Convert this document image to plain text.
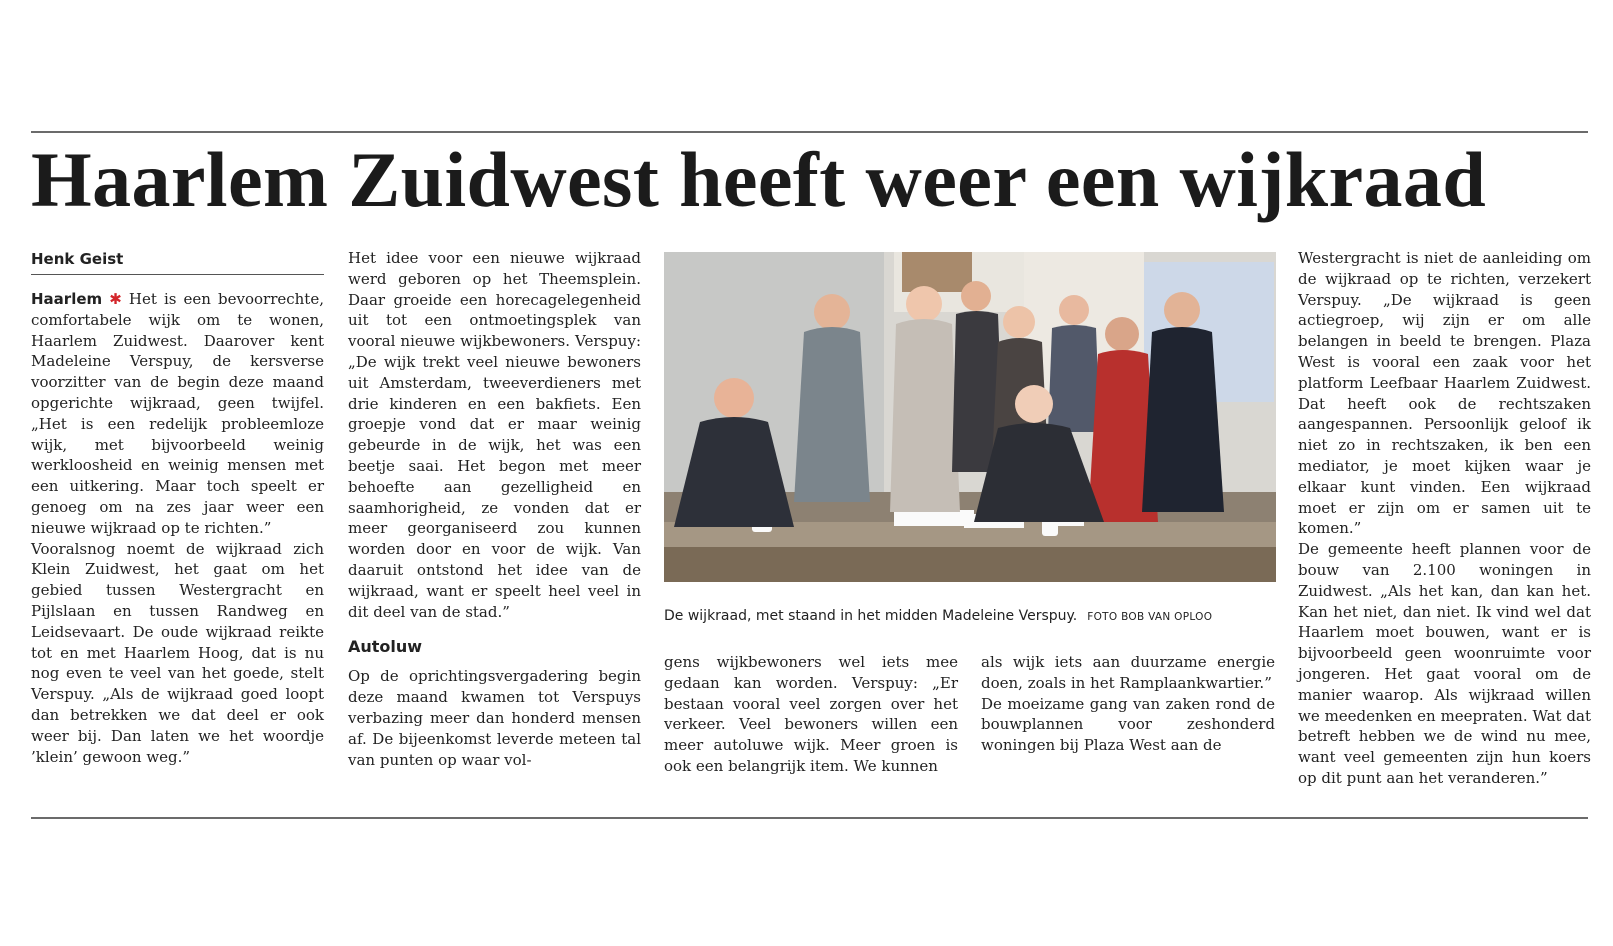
Haarlem Zuidwest heeft weer een wijkraad
Henk Geist

Haarlem ✱ Het is een bevoorrechte, comfortabele wijk om te wonen, Haarlem Zuidwest. Daarover kent Madeleine Verspuy, de kersverse voorzitter van de begin deze maand opgerichte wijkraad, geen twijfel. „Het is een redelijk probleemloze wijk, met bijvoorbeeld weinig werkloosheid en weinig mensen met een uitkering. Maar toch speelt er genoeg om na zes jaar weer een nieuwe wijkraad op te richten.”

Vooralsnog noemt de wijkraad zich Klein Zuidwest, het gaat om het gebied tussen Westergracht en Pijlslaan en tussen Randweg en Leidsevaart. De oude wijkraad reikte tot en met Haarlem Hoog, dat is nu nog even te veel van het goede, stelt Verspuy. „Als de wijkraad goed loopt dan betrekken we dat deel er ook weer bij. Dan laten we het woordje ’klein’ gewoon weg.”

Het idee voor een nieuwe wijkraad werd geboren op het Theemsplein. Daar groeide een horecagelegenheid uit tot een ontmoetingsplek van vooral nieuwe wijkbewoners. Verspuy: „De wijk trekt veel nieuwe bewoners uit Amsterdam, tweeverdieners met drie kinderen en een bakfiets. Een groepje vond dat er maar weinig gebeurde in de wijk, het was een beetje saai. Het begon met meer behoefte aan gezelligheid en saamhorigheid, ze vonden dat er meer georganiseerd zou kunnen worden door en voor de wijk. Van daaruit ontstond het idee van de wijkraad, want er speelt heel veel in dit deel van de stad.”

Autoluw

Op de oprichtingsvergadering begin deze maand kwamen tot Verspuys verbazing meer dan honderd mensen af. De bijeenkomst leverde meteen tal van punten op waar vol-

De wijkraad, met staand in het midden Madeleine Verspuy. FOTO BOB VAN OPLOO

gens wijkbewoners wel iets mee gedaan kan worden. Verspuy: „Er bestaan vooral veel zorgen over het verkeer. Veel bewoners willen een meer autoluwe wijk. Meer groen is ook een belangrijk item. We kunnen

als wijk iets aan duurzame energie doen, zoals in het Ramplaankwartier.”

De moeizame gang van zaken rond de bouwplannen voor zeshonderd woningen bij Plaza West aan de

Westergracht is niet de aanleiding om de wijkraad op te richten, verzekert Verspuy. „De wijkraad is geen actiegroep, wij zijn er om alle belangen in beeld te brengen. Plaza West is vooral een zaak voor het platform Leefbaar Haarlem Zuidwest. Dat heeft ook de rechtszaken aangespannen. Persoonlijk geloof ik niet zo in rechtszaken, ik ben een mediator, je moet kijken waar je elkaar kunt vinden. Een wijkraad moet er zijn om er samen uit te komen.”

De gemeente heeft plannen voor de bouw van 2.100 woningen in Zuidwest. „Als het kan, dan kan het. Kan het niet, dan niet. Ik vind wel dat Haarlem moet bouwen, want er is bijvoorbeeld geen woonruimte voor jongeren. Het gaat vooral om de manier waarop. Als wijkraad willen we meedenken en meepraten. Wat dat betreft hebben we de wind nu mee, want veel gemeenten zijn hun koers op dit punt aan het veranderen.”
